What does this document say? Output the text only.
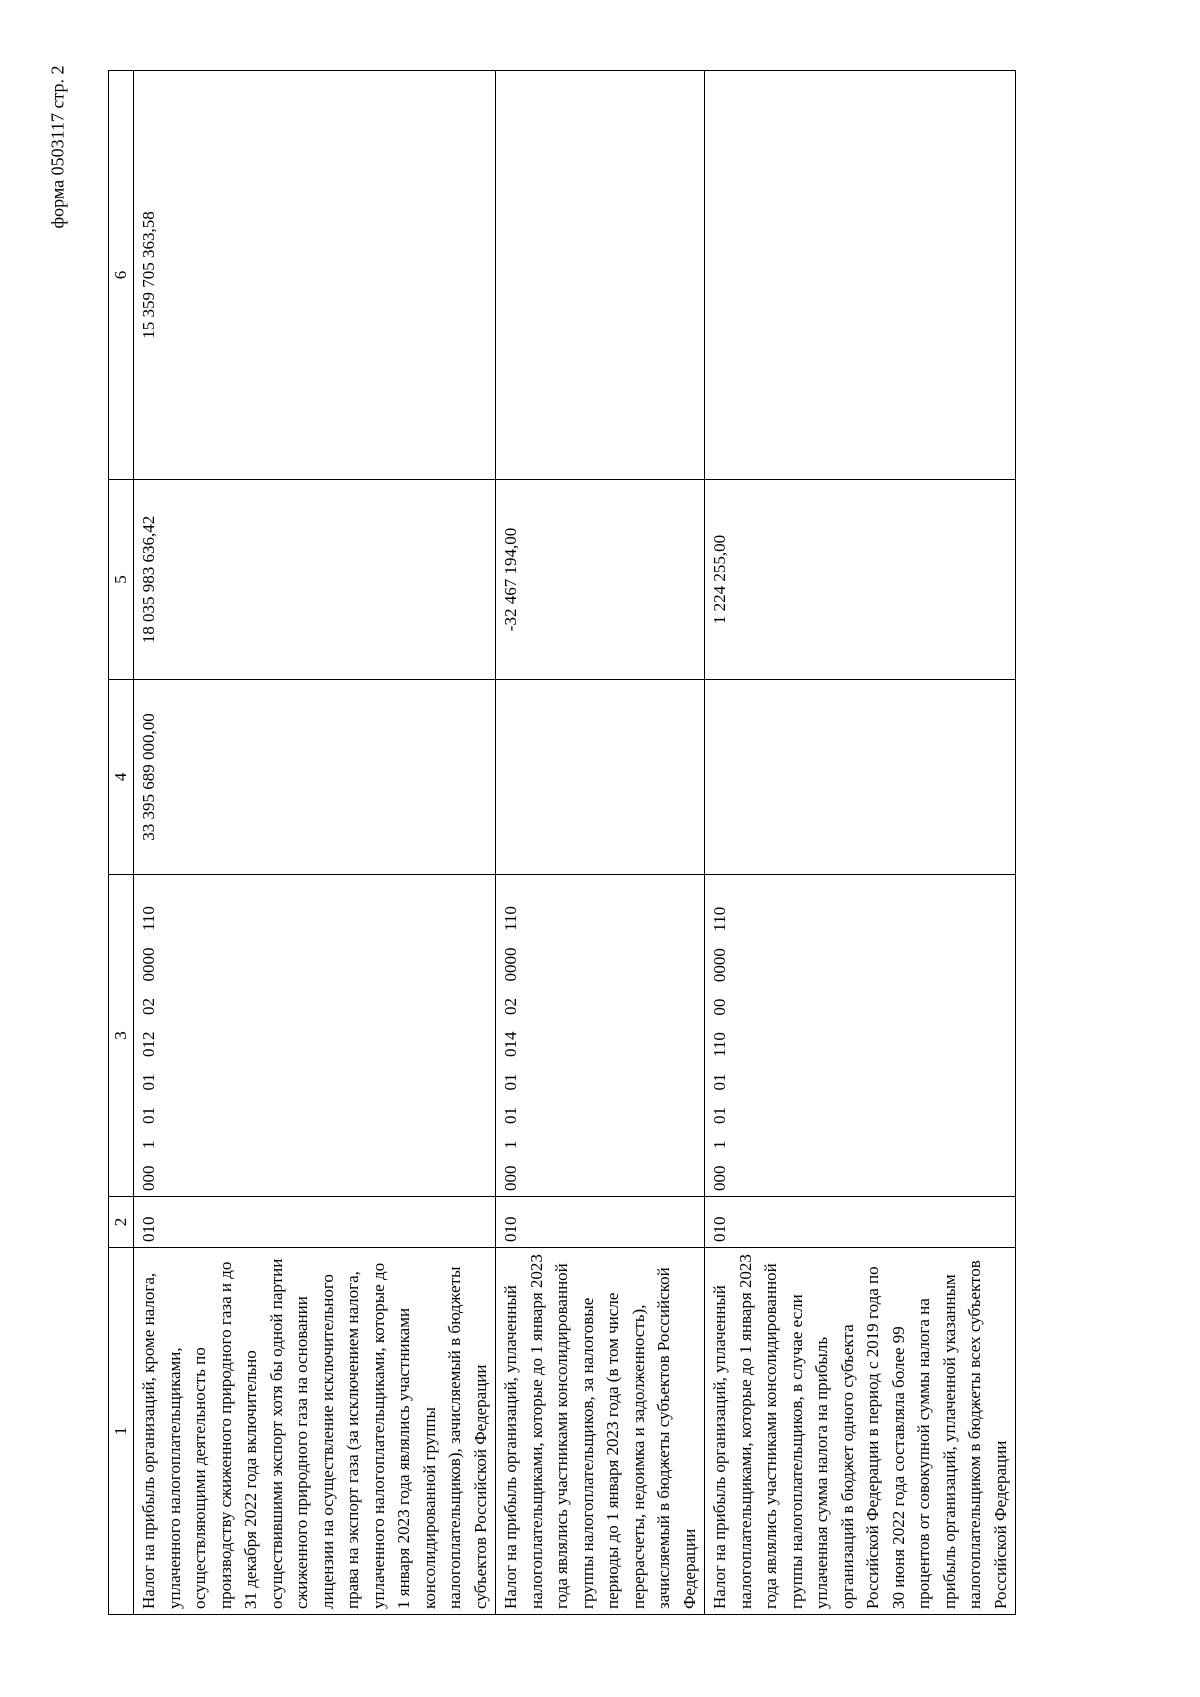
форма 0503117 стр. 2
1	2	3	4	5	6
Налог на прибыль организаций, кроме налога, уплаченного налогоплательщиками, осуществляющими деятельность по производству сжиженного природного газа и до 31 декабря 2022 года включительно осуществившими экспорт хотя бы одной партии сжиженного природного газа на основании лицензии на осуществление исключительного права на экспорт газа (за исключением налога, уплаченного налогоплательщиками, которые до 1 января 2023 года являлись участниками консолидированной группы налогоплательщиков), зачисляемый в бюджеты субъектов Российской Федерации	010	000  1  01  01  012  02  0000  110	33 395 689 000,00	18 035 983 636,42	15 359 705 363,58
Налог на прибыль организаций, уплаченный налогоплательщиками, которые до 1 января 2023 года являлись участниками консолидированной группы налогоплательщиков, за налоговые периоды до 1 января 2023 года (в том числе перерасчеты, недоимка и задолженность), зачисляемый в бюджеты субъектов Российской Федерации	010	000  1  01  01  014  02  0000  110		-32 467 194,00	
Налог на прибыль организаций, уплаченный налогоплательщиками, которые до 1 января 2023 года являлись участниками консолидированной группы налогоплательщиков, в случае если уплаченная сумма налога на прибыль организаций в бюджет одного субъекта Российской Федерации в период с 2019 года по 30 июня 2022 года составляла более 99 процентов от совокупной суммы налога на прибыль организаций, уплаченной указанным налогоплательщиком в бюджеты всех субъектов Российской Федерации	010	000  1  01  01  110  00  0000  110		1 224 255,00	
